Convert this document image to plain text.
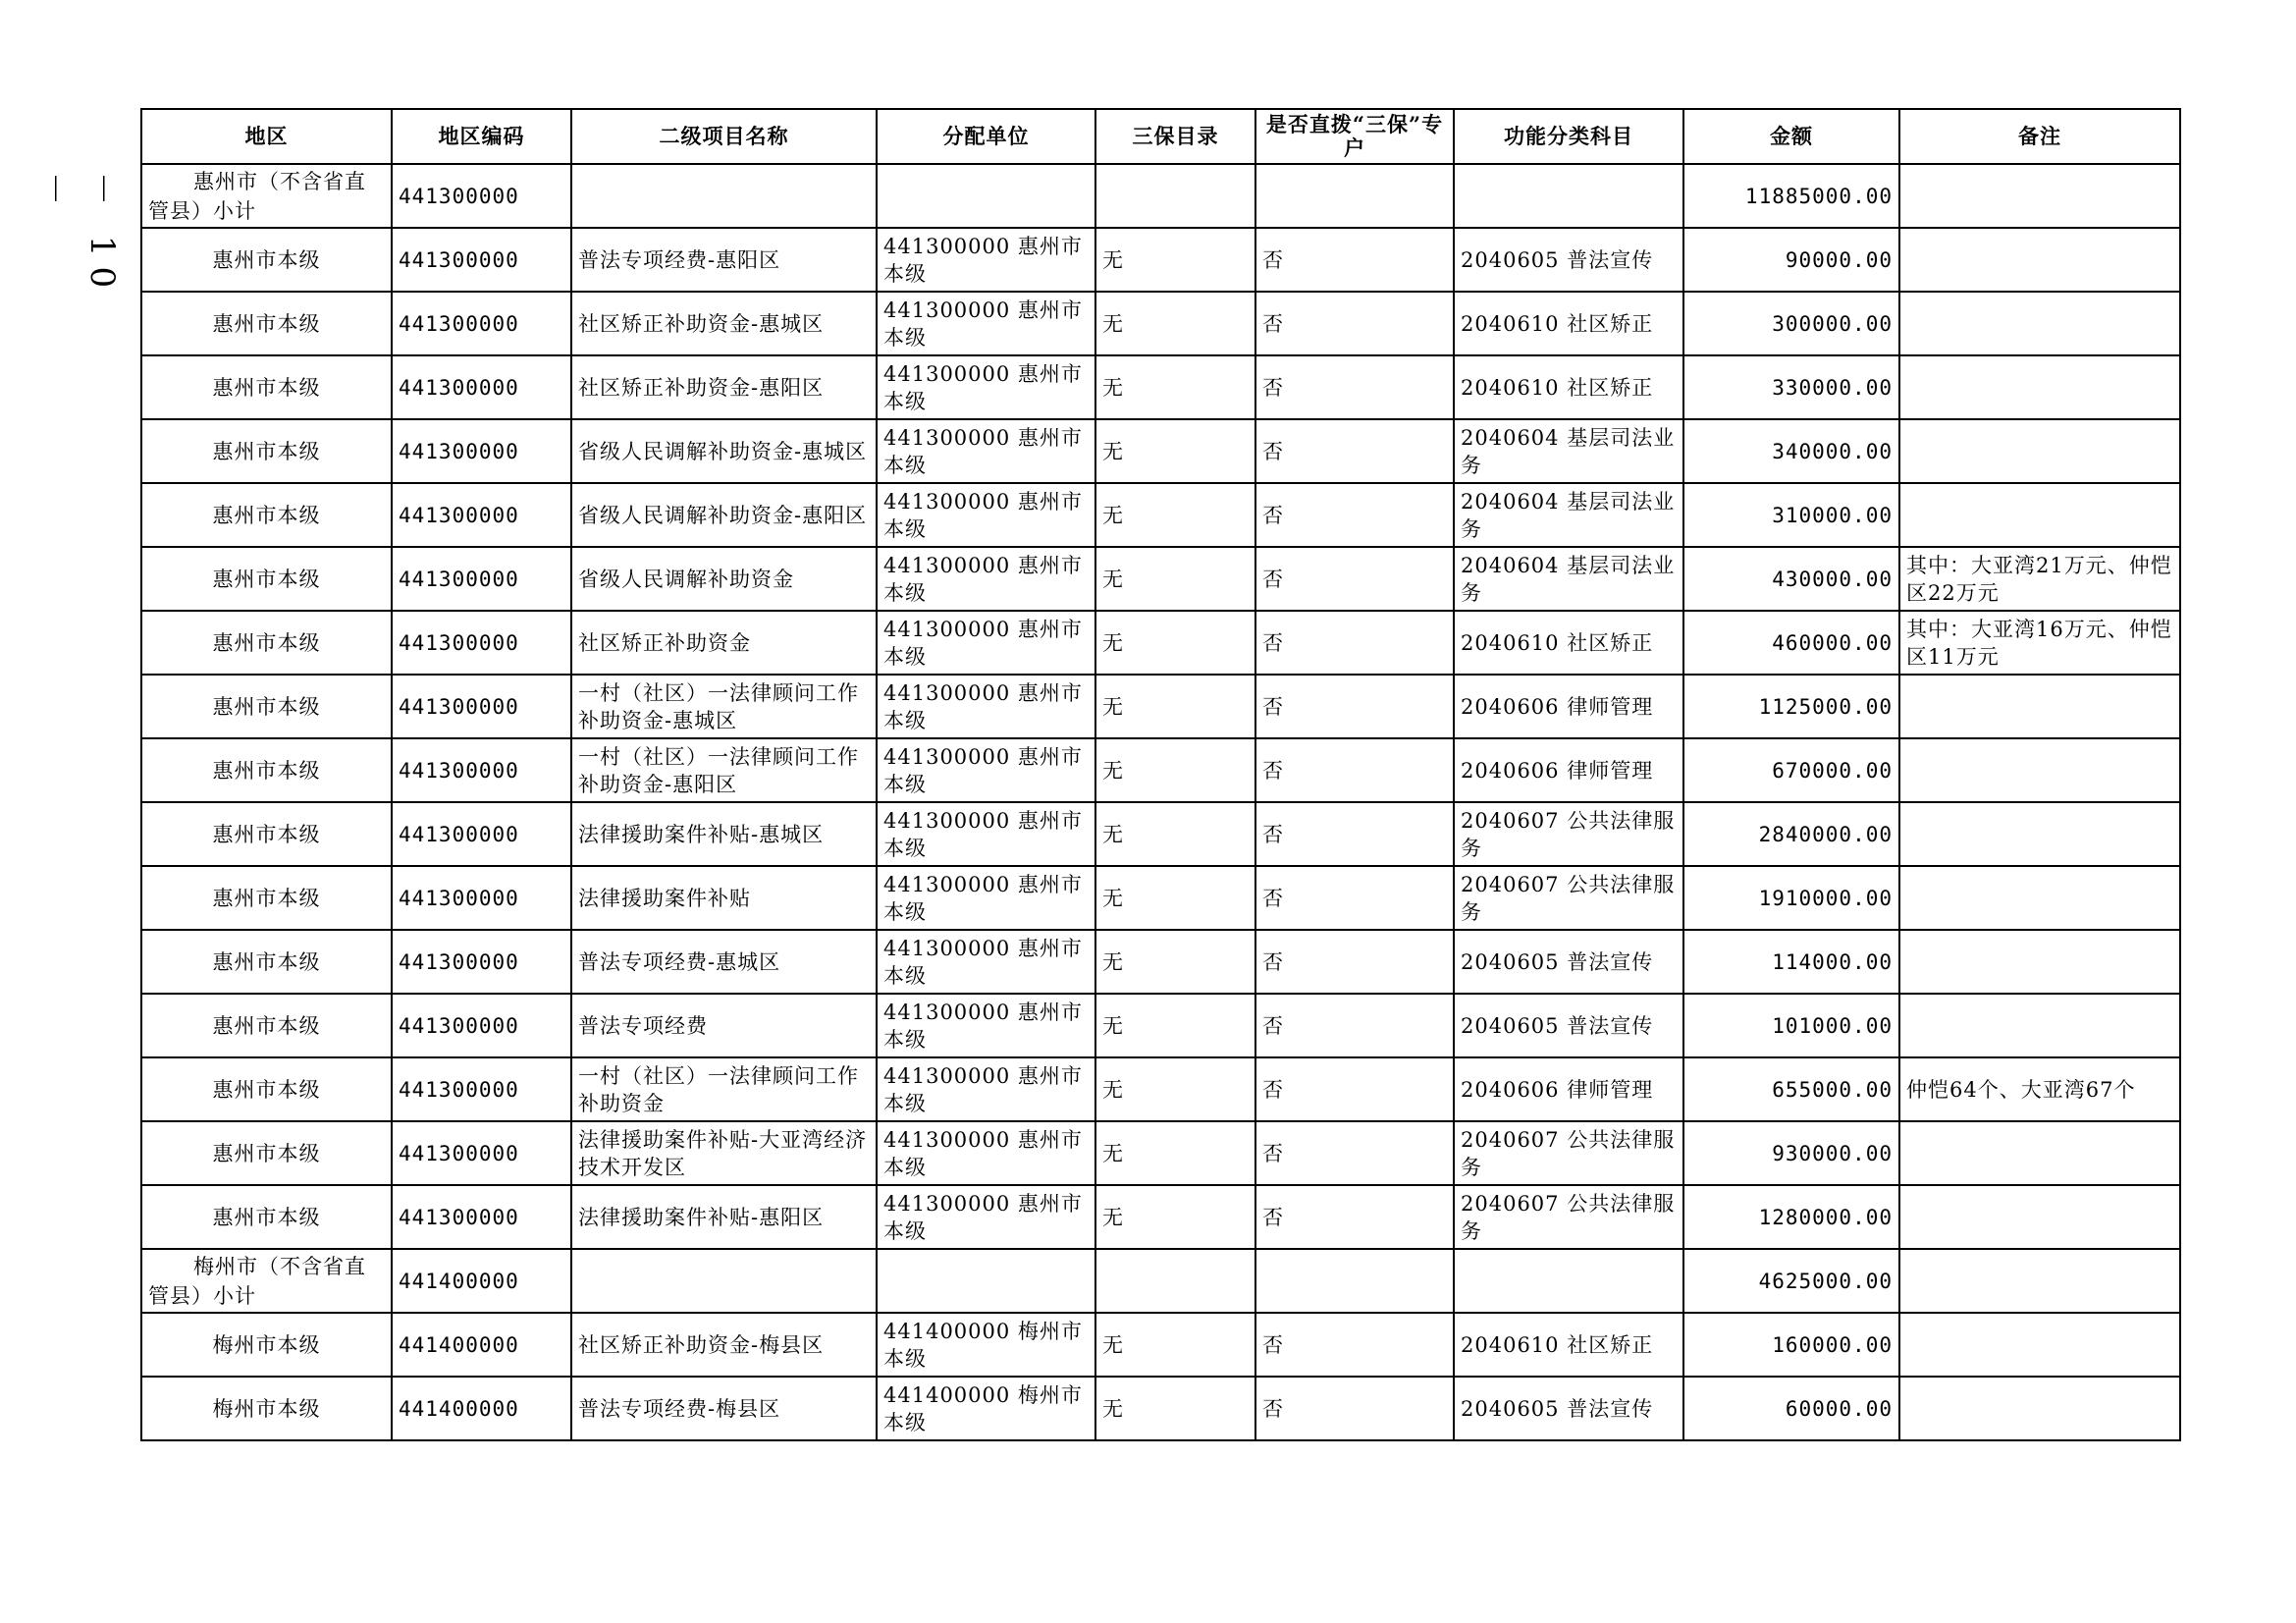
－ 10 －
地区	地区编码	二级项目名称	分配单位	三保目录	是否直拨“三保”专户	功能分类科目	金额	备注
惠州市（不含省直管县）小计	441300000						11885000.00	
惠州市本级	441300000	普法专项经费-惠阳区	441300000 惠州市本级	无	否	2040605 普法宣传	90000.00	
惠州市本级	441300000	社区矫正补助资金-惠城区	441300000 惠州市本级	无	否	2040610 社区矫正	300000.00	
惠州市本级	441300000	社区矫正补助资金-惠阳区	441300000 惠州市本级	无	否	2040610 社区矫正	330000.00	
惠州市本级	441300000	省级人民调解补助资金-惠城区	441300000 惠州市本级	无	否	2040604 基层司法业务	340000.00	
惠州市本级	441300000	省级人民调解补助资金-惠阳区	441300000 惠州市本级	无	否	2040604 基层司法业务	310000.00	
惠州市本级	441300000	省级人民调解补助资金	441300000 惠州市本级	无	否	2040604 基层司法业务	430000.00	其中：大亚湾21万元、仲恺区22万元
惠州市本级	441300000	社区矫正补助资金	441300000 惠州市本级	无	否	2040610 社区矫正	460000.00	其中：大亚湾16万元、仲恺区11万元
惠州市本级	441300000	一村（社区）一法律顾问工作补助资金-惠城区	441300000 惠州市本级	无	否	2040606 律师管理	1125000.00	
惠州市本级	441300000	一村（社区）一法律顾问工作补助资金-惠阳区	441300000 惠州市本级	无	否	2040606 律师管理	670000.00	
惠州市本级	441300000	法律援助案件补贴-惠城区	441300000 惠州市本级	无	否	2040607 公共法律服务	2840000.00	
惠州市本级	441300000	法律援助案件补贴	441300000 惠州市本级	无	否	2040607 公共法律服务	1910000.00	
惠州市本级	441300000	普法专项经费-惠城区	441300000 惠州市本级	无	否	2040605 普法宣传	114000.00	
惠州市本级	441300000	普法专项经费	441300000 惠州市本级	无	否	2040605 普法宣传	101000.00	
惠州市本级	441300000	一村（社区）一法律顾问工作补助资金	441300000 惠州市本级	无	否	2040606 律师管理	655000.00	仲恺64个、大亚湾67个
惠州市本级	441300000	法律援助案件补贴-大亚湾经济技术开发区	441300000 惠州市本级	无	否	2040607 公共法律服务	930000.00	
惠州市本级	441300000	法律援助案件补贴-惠阳区	441300000 惠州市本级	无	否	2040607 公共法律服务	1280000.00	
梅州市（不含省直管县）小计	441400000						4625000.00	
梅州市本级	441400000	社区矫正补助资金-梅县区	441400000 梅州市本级	无	否	2040610 社区矫正	160000.00	
梅州市本级	441400000	普法专项经费-梅县区	441400000 梅州市本级	无	否	2040605 普法宣传	60000.00	
